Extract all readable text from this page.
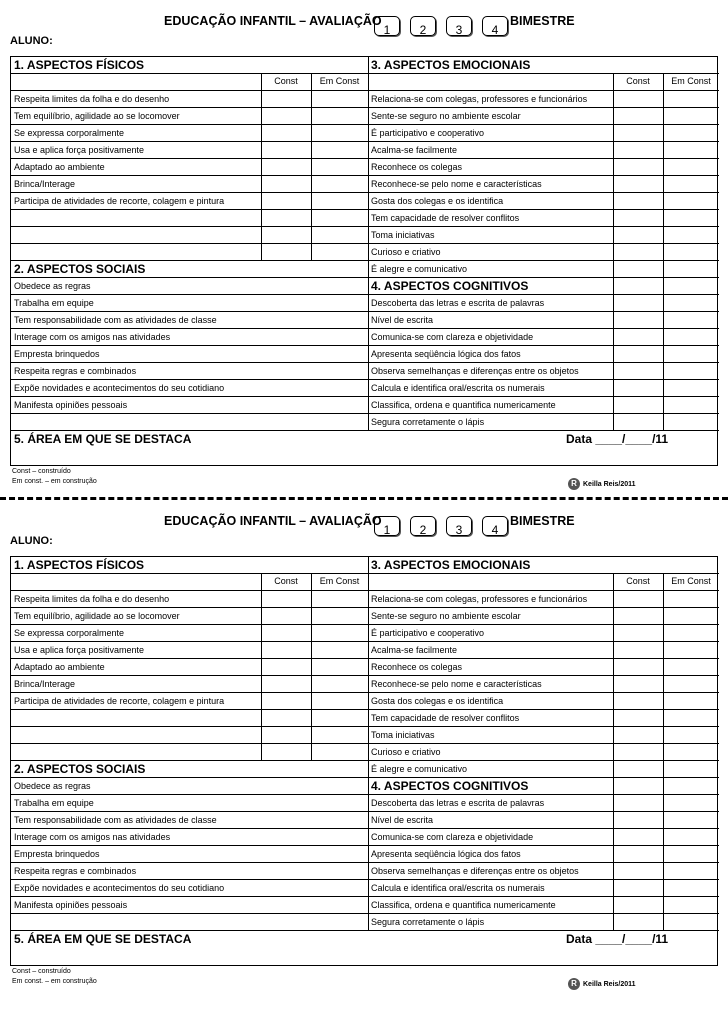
EDUCAÇÃO INFANTIL – AVALIAÇÃO
1	2	3	4
BIMESTRE
ALUNO:
1. ASPECTOS FÍSICOS	3. ASPECTOS EMOCIONAIS
Const	Em Const	Const	Em Const
Respeita limites da folha e do desenho
Tem equilíbrio, agilidade ao se locomover
Se expressa corporalmente
Usa e aplica força positivamente
Adaptado ao ambiente
Brinca/Interage
Participa de atividades de recorte, colagem e pintura
Relaciona-se com colegas, professores e funcionários
Sente-se seguro no ambiente escolar
É participativo e cooperativo
Acalma-se facilmente
Reconhece os colegas
Reconhece-se pelo nome e características
Gosta dos colegas e os identifica
Tem capacidade de resolver conflitos
Toma iniciativas
Curioso e criativo
É alegre e comunicativo
2. ASPECTOS SOCIAIS
Obedece as regras
Trabalha em equipe
Tem responsabilidade com as atividades de classe
Interage com os amigos nas atividades
Empresta brinquedos
Respeita regras e combinados
Expõe novidades e acontecimentos do seu cotidiano
Manifesta opiniões pessoais
4. ASPECTOS COGNITIVOS
Descoberta das letras e escrita de palavras
Nível de escrita
Comunica-se com clareza e objetividade
Apresenta seqüência lógica dos fatos
Observa semelhanças e diferenças entre os objetos
Calcula e identifica oral/escrita os numerais
Classifica, ordena e quantifica numericamente
Segura corretamente o lápis
5. ÁREA EM QUE SE DESTACA	Data ____/____/11
Const – construído
Em const. – em construção	R Keilla Reis/2011
EDUCAÇÃO INFANTIL – AVALIAÇÃO
1	2	3	4
BIMESTRE
ALUNO:
1. ASPECTOS FÍSICOS	3. ASPECTOS EMOCIONAIS
Const	Em Const	Const	Em Const
Respeita limites da folha e do desenho
Tem equilíbrio, agilidade ao se locomover
Se expressa corporalmente
Usa e aplica força positivamente
Adaptado ao ambiente
Brinca/Interage
Participa de atividades de recorte, colagem e pintura
Relaciona-se com colegas, professores e funcionários
Sente-se seguro no ambiente escolar
É participativo e cooperativo
Acalma-se facilmente
Reconhece os colegas
Reconhece-se pelo nome e características
Gosta dos colegas e os identifica
Tem capacidade de resolver conflitos
Toma iniciativas
Curioso e criativo
É alegre e comunicativo
2. ASPECTOS SOCIAIS
Obedece as regras
Trabalha em equipe
Tem responsabilidade com as atividades de classe
Interage com os amigos nas atividades
Empresta brinquedos
Respeita regras e combinados
Expõe novidades e acontecimentos do seu cotidiano
Manifesta opiniões pessoais
4. ASPECTOS COGNITIVOS
Descoberta das letras e escrita de palavras
Nível de escrita
Comunica-se com clareza e objetividade
Apresenta seqüência lógica dos fatos
Observa semelhanças e diferenças entre os objetos
Calcula e identifica oral/escrita os numerais
Classifica, ordena e quantifica numericamente
Segura corretamente o lápis
5. ÁREA EM QUE SE DESTACA	Data ____/____/11
Const – construído
Em const. – em construção	R Keilla Reis/2011
